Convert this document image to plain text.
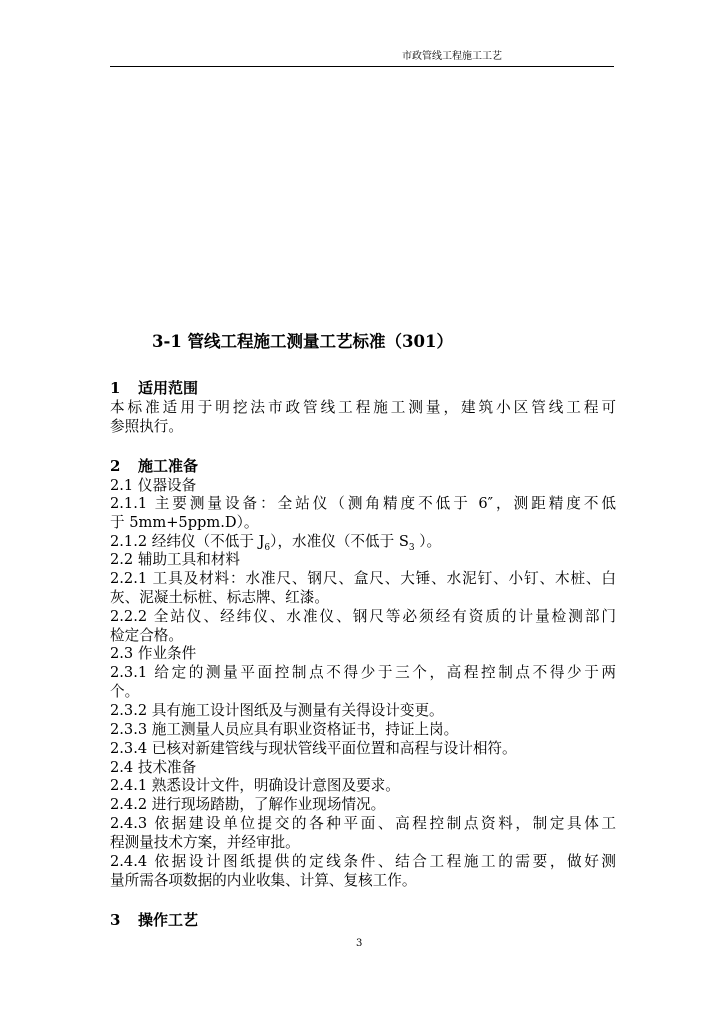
市政管线工程施工工艺
3-1 管线工程施工测量工艺标准（301）
1 适用范围
本标准适用于明挖法市政管线工程施工测量，建筑小区管线工程可
参照执行。
2 施工准备
2.1 仪器设备
2.1.1 主要测量设备：全站仪（测角精度不低于 6″，测距精度不低
于 5mm+5ppm.D）。
2.1.2 经纬仪（不低于 $J_6$），水准仪（不低于 $S_3$ ）。
2.2 辅助工具和材料
2.2.1 工具及材料：水准尺、钢尺、盒尺、大锤、水泥钉、小钉、木桩、白
灰、泥凝土标桩、标志牌、红漆。
2.2.2 全站仪、经纬仪、水准仪、钢尺等必须经有资质的计量检测部门
检定合格。
2.3 作业条件
2.3.1 给定的测量平面控制点不得少于三个，高程控制点不得少于两
个。
2.3.2 具有施工设计图纸及与测量有关得设计变更。
2.3.3 施工测量人员应具有职业资格证书，持证上岗。
2.3.4 已核对新建管线与现状管线平面位置和高程与设计相符。
2.4 技术准备
2.4.1 熟悉设计文件，明确设计意图及要求。
2.4.2 进行现场踏勘，了解作业现场情况。
2.4.3 依据建设单位提交的各种平面、高程控制点资料，制定具体工
程测量技术方案，并经审批。
2.4.4 依据设计图纸提供的定线条件、结合工程施工的需要，做好测
量所需各项数据的内业收集、计算、复核工作。
3 操作工艺
3
